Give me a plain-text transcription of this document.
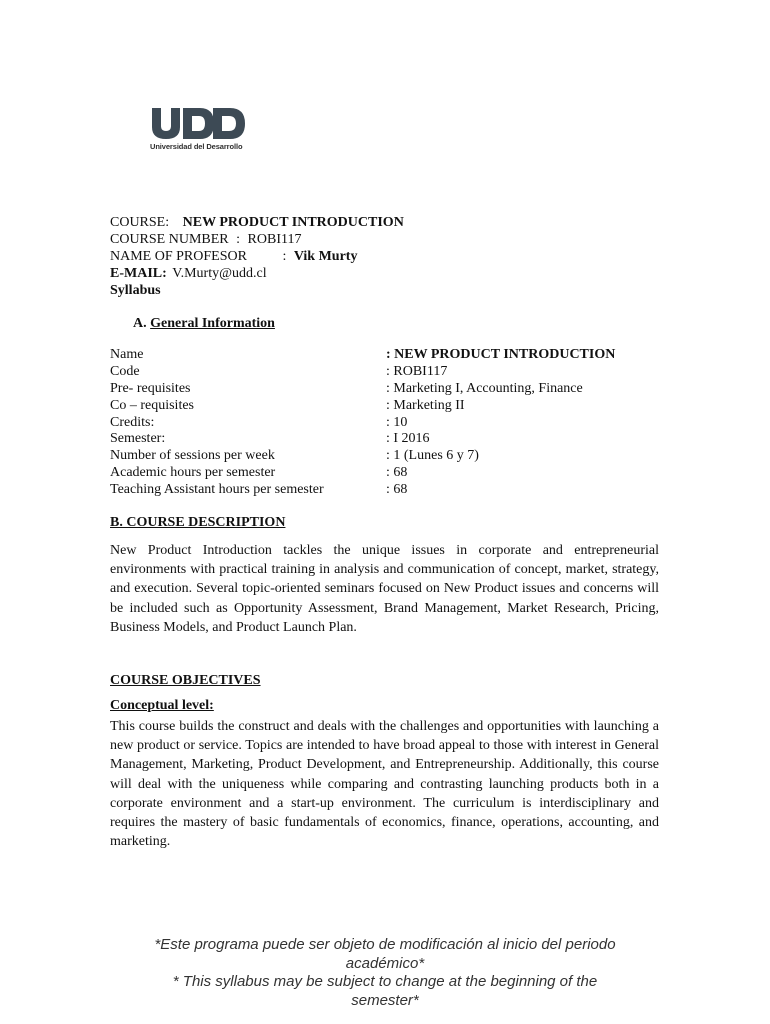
Universidad del Desarrollo
COURSE: NEW PRODUCT INTRODUCTION
COURSE NUMBER : ROBI117
NAME OF PROFESOR	: Vik Murty
E-MAIL: V.Murty@udd.cl
Syllabus
A. General Information
Name	: NEW PRODUCT INTRODUCTION
Code	: ROBI117
Pre- requisites	: Marketing I, Accounting, Finance
Co – requisites	: Marketing II
Credits:	: 10
Semester:	: I 2016
Number of sessions per week	: 1 (Lunes 6 y 7)
Academic hours per semester	: 68
Teaching Assistant hours per semester	: 68
B. COURSE DESCRIPTION
New Product Introduction tackles the unique issues in corporate and entrepreneurial environments with practical training in analysis and communication of concept, market, strategy, and execution. Several topic-oriented seminars focused on New Product issues and concerns will be included such as Opportunity Assessment, Brand Management, Market Research, Pricing, Business Models, and Product Launch Plan.
COURSE OBJECTIVES
Conceptual level:
This course builds the construct and deals with the challenges and opportunities with launching a new product or service. Topics are intended to have broad appeal to those with interest in General Management, Marketing, Product Development, and Entrepreneurship. Additionally, this course will deal with the uniqueness while comparing and contrasting launching products both in a corporate environment and a start-up environment. The curriculum is interdisciplinary and requires the mastery of basic fundamentals of economics, finance, operations, accounting, and marketing.
*Este programa puede ser objeto de modificación al inicio del periodo
académico*
* This syllabus may be subject to change at the beginning of the
semester*
